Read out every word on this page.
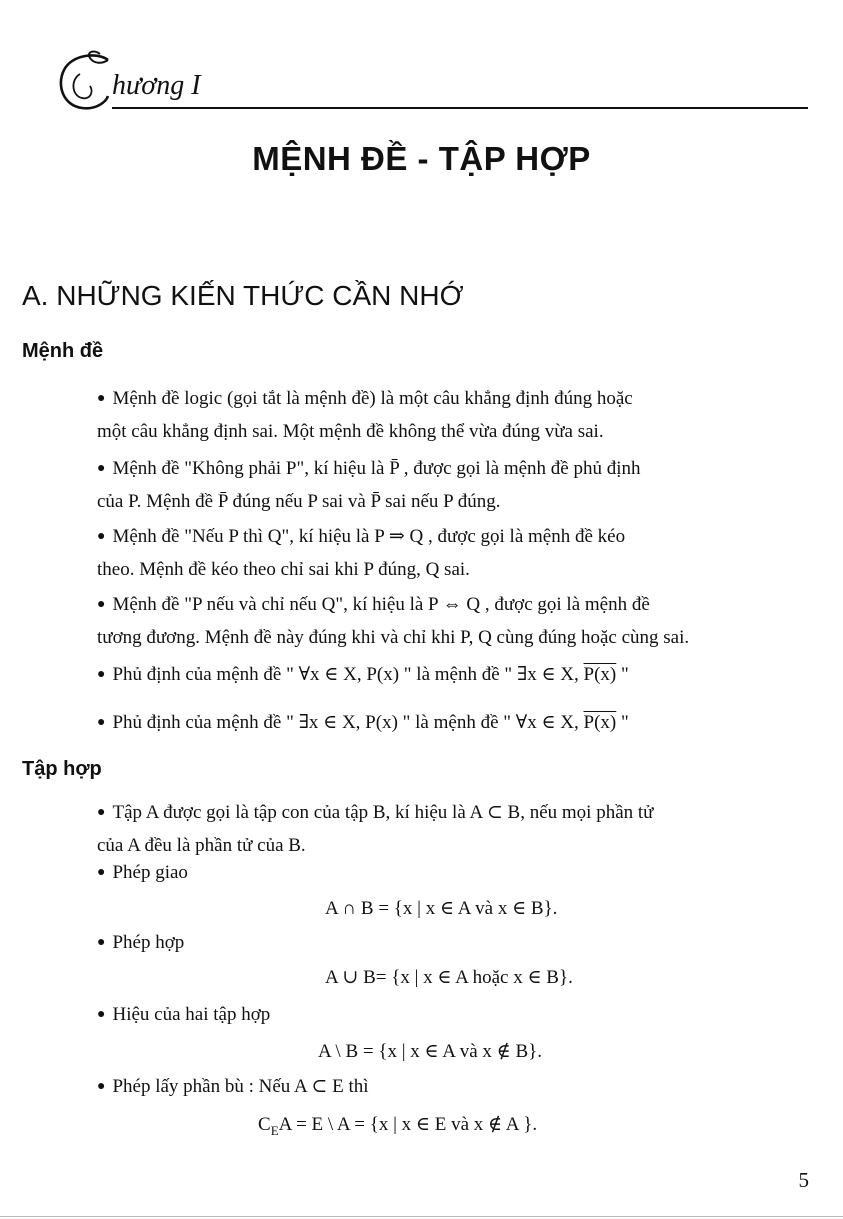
hương I
MỆNH ĐỀ - TẬP HỢP
A. NHỮNG KIẾN THỨC CẦN NHỚ
Mệnh đề
● Mệnh đề logic (gọi tắt là mệnh đề) là một câu khẳng định đúng hoặc
một câu khẳng định sai. Một mệnh đề không thể vừa đúng vừa sai.
● Mệnh đề "Không phải P", kí hiệu là P̄ , được gọi là mệnh đề phủ định
của P. Mệnh đề P̄ đúng nếu P sai và P̄ sai nếu P đúng.
● Mệnh đề "Nếu P thì Q", kí hiệu là P ⇒ Q , được gọi là mệnh đề kéo
theo. Mệnh đề kéo theo chỉ sai khi P đúng, Q sai.
● Mệnh đề "P nếu và chỉ nếu Q", kí hiệu là P ⇔ Q , được gọi là mệnh đề
tương đương. Mệnh đề này đúng khi và chỉ khi P, Q cùng đúng hoặc cùng sai.
● Phủ định của mệnh đề " ∀x ∈ X, P(x) " là mệnh đề " ∃x ∈ X, P(x) "
● Phủ định của mệnh đề " ∃x ∈ X, P(x) " là mệnh đề " ∀x ∈ X, P(x) "
Tập hợp
● Tập A được gọi là tập con của tập B, kí hiệu là A ⊂ B, nếu mọi phần tử
của A đều là phần tử của B.
● Phép giao
A ∩ B = {x | x ∈ A và x ∈ B}.
● Phép hợp
A ∪ B= {x | x ∈ A hoặc x ∈ B}.
● Hiệu của hai tập hợp
A \ B = {x | x ∈ A và x ∉ B}.
● Phép lấy phần bù : Nếu A ⊂ E thì
$C_EA = E$ \ A = {x | x ∈ E và x ∉ A }.
5
